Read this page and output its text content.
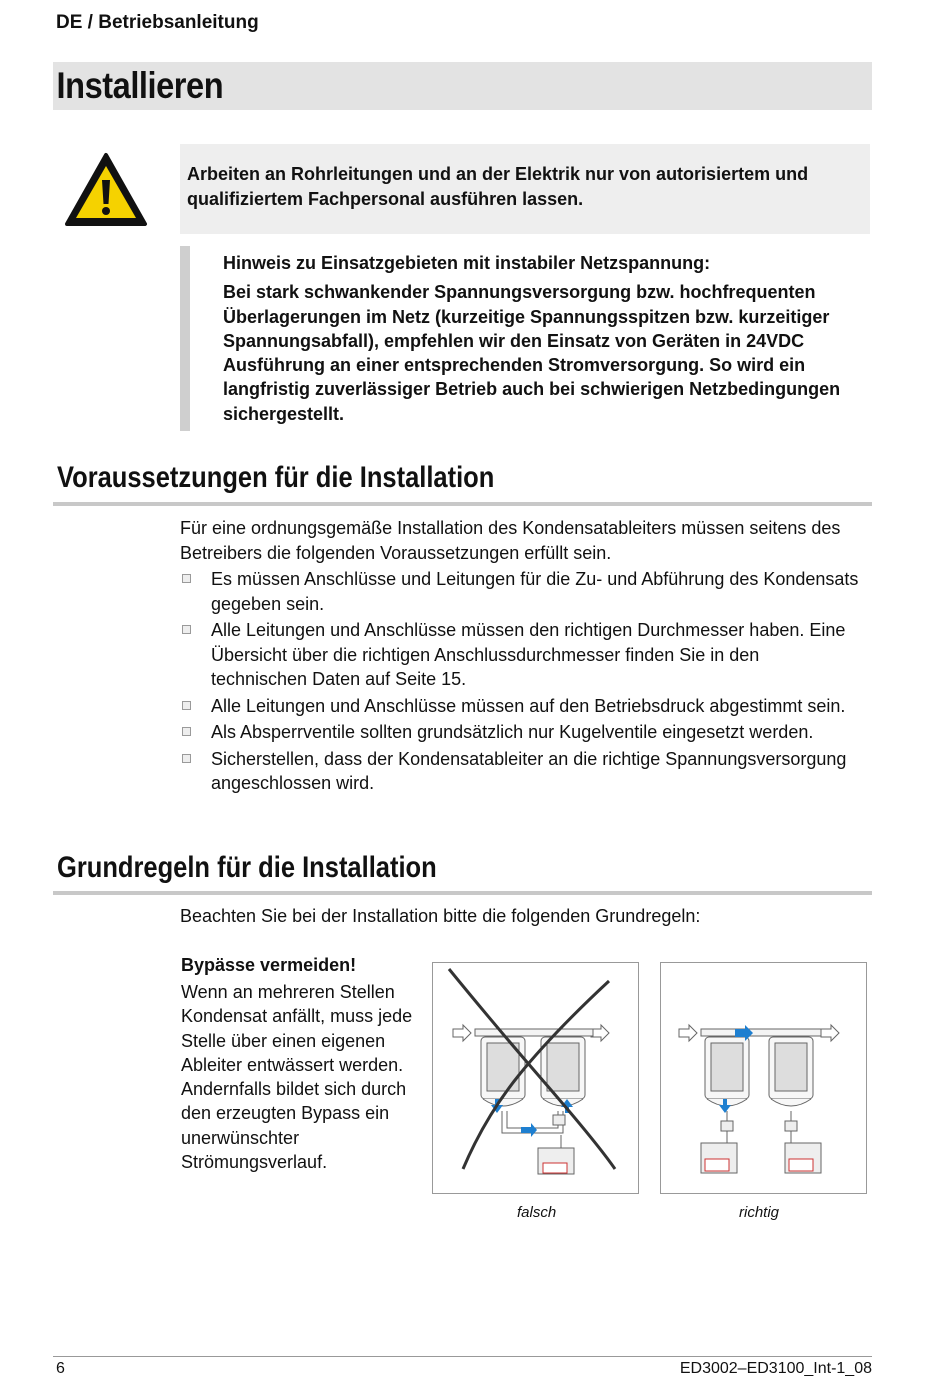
DE / Betriebsanleitung
Installieren
Arbeiten an Rohrleitungen und an der Elektrik nur von autorisiertem und qualifiziertem Fachpersonal ausführen lassen.

Hinweis zu Einsatzgebieten mit instabiler Netzspannung:

Bei stark schwankender Spannungsversorgung bzw. hochfrequenten Überlagerungen im Netz (kurzeitige Spannungsspitzen bzw. kurzeitiger Spannungsabfall), empfehlen wir den Einsatz von Geräten in 24VDC Ausführung an einer entsprechenden Stromversorgung. So wird ein langfristig zuverlässiger Betrieb auch bei schwierigen Netzbedingungen sichergestellt.

Voraussetzungen für die Installation
Für eine ordnungsgemäße Installation des Kondensatableiters müssen seitens des Betreibers die folgenden Voraussetzungen erfüllt sein.
Es müssen Anschlüsse und Leitungen für die Zu- und Abführung des Kondensats gegeben sein.
Alle Leitungen und Anschlüsse müssen den richtigen Durchmesser haben. Eine Übersicht über die richtigen Anschlussdurchmesser finden Sie in den technischen Daten auf Seite 15.
Alle Leitungen und Anschlüsse müssen auf den Betriebsdruck abgestimmt sein.
Als Absperrventile sollten grundsätzlich nur Kugelventile eingesetzt werden.
Sicherstellen, dass der Kondensatableiter an die richtige Spannungsversorgung angeschlossen wird.
Grundregeln für die Installation
Beachten Sie bei der Installation bitte die folgenden Grundregeln:
Bypässe vermeiden!
Wenn an mehreren Stellen Kondensat anfällt, muss jede Stelle über einen eigenen Ableiter entwässert werden. Andernfalls bildet sich durch den erzeugten Bypass ein unerwünschter Strömungsverlauf.
falsch	richtig
6	ED3002–ED3100_Int-1_08
